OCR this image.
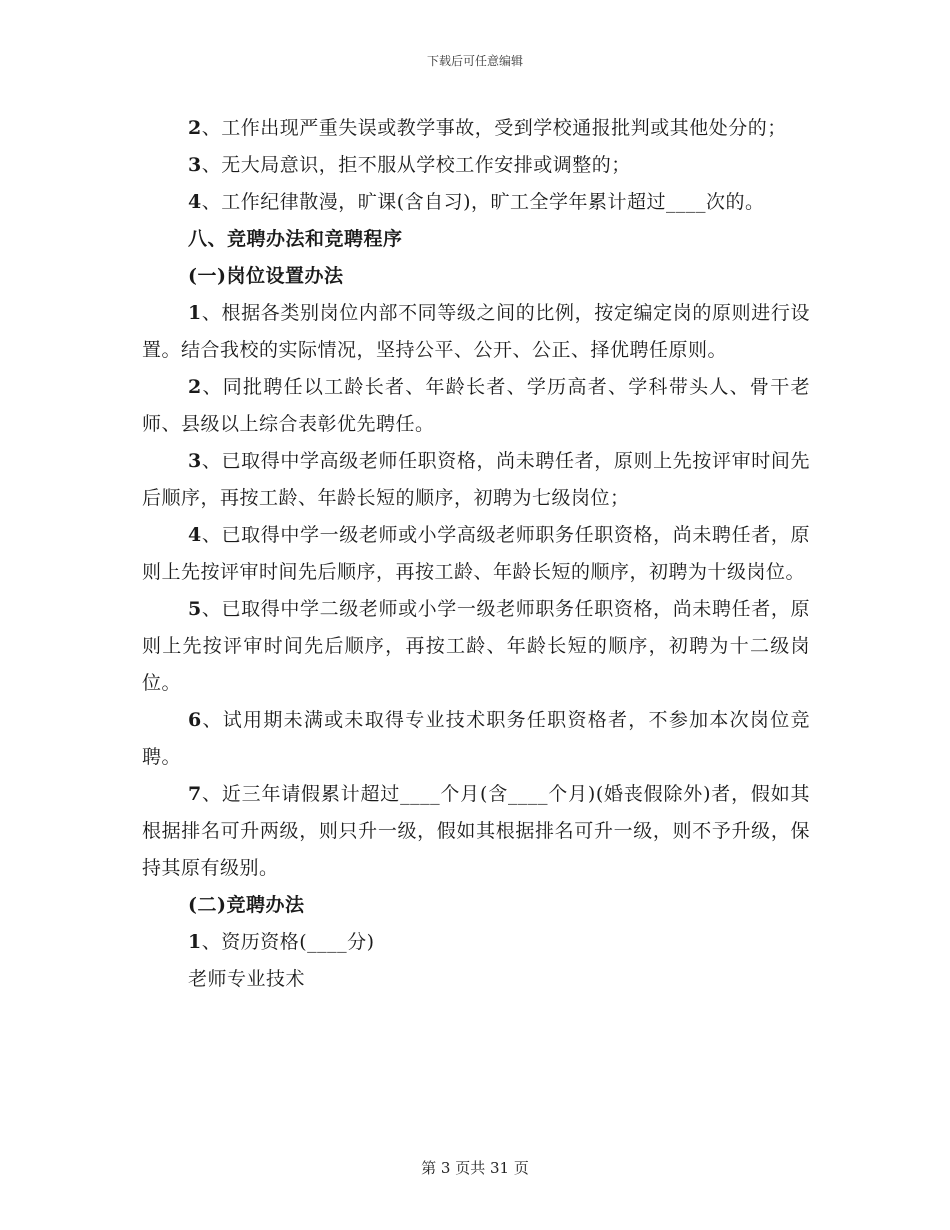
下载后可任意编辑

2、工作出现严重失误或教学事故，受到学校通报批判或其他处分的；

3、无大局意识，拒不服从学校工作安排或调整的；

4、工作纪律散漫，旷课(含自习)，旷工全学年累计超过____次的。

八、竞聘办法和竞聘程序

(一)岗位设置办法

1、根据各类别岗位内部不同等级之间的比例，按定编定岗的原则进行设置。结合我校的实际情况，坚持公平、公开、公正、择优聘任原则。

2、同批聘任以工龄长者、年龄长者、学历高者、学科带头人、骨干老师、县级以上综合表彰优先聘任。

3、已取得中学高级老师任职资格，尚未聘任者，原则上先按评审时间先后顺序，再按工龄、年龄长短的顺序，初聘为七级岗位；

4、已取得中学一级老师或小学高级老师职务任职资格，尚未聘任者，原则上先按评审时间先后顺序，再按工龄、年龄长短的顺序，初聘为十级岗位。

5、已取得中学二级老师或小学一级老师职务任职资格，尚未聘任者，原则上先按评审时间先后顺序，再按工龄、年龄长短的顺序，初聘为十二级岗位。

6、试用期未满或未取得专业技术职务任职资格者，不参加本次岗位竞聘。

7、近三年请假累计超过____个月(含____个月)(婚丧假除外)者，假如其根据排名可升两级，则只升一级，假如其根据排名可升一级，则不予升级，保持其原有级别。

(二)竞聘办法

1、资历资格(____分)

老师专业技术

第 3 页共 31 页
